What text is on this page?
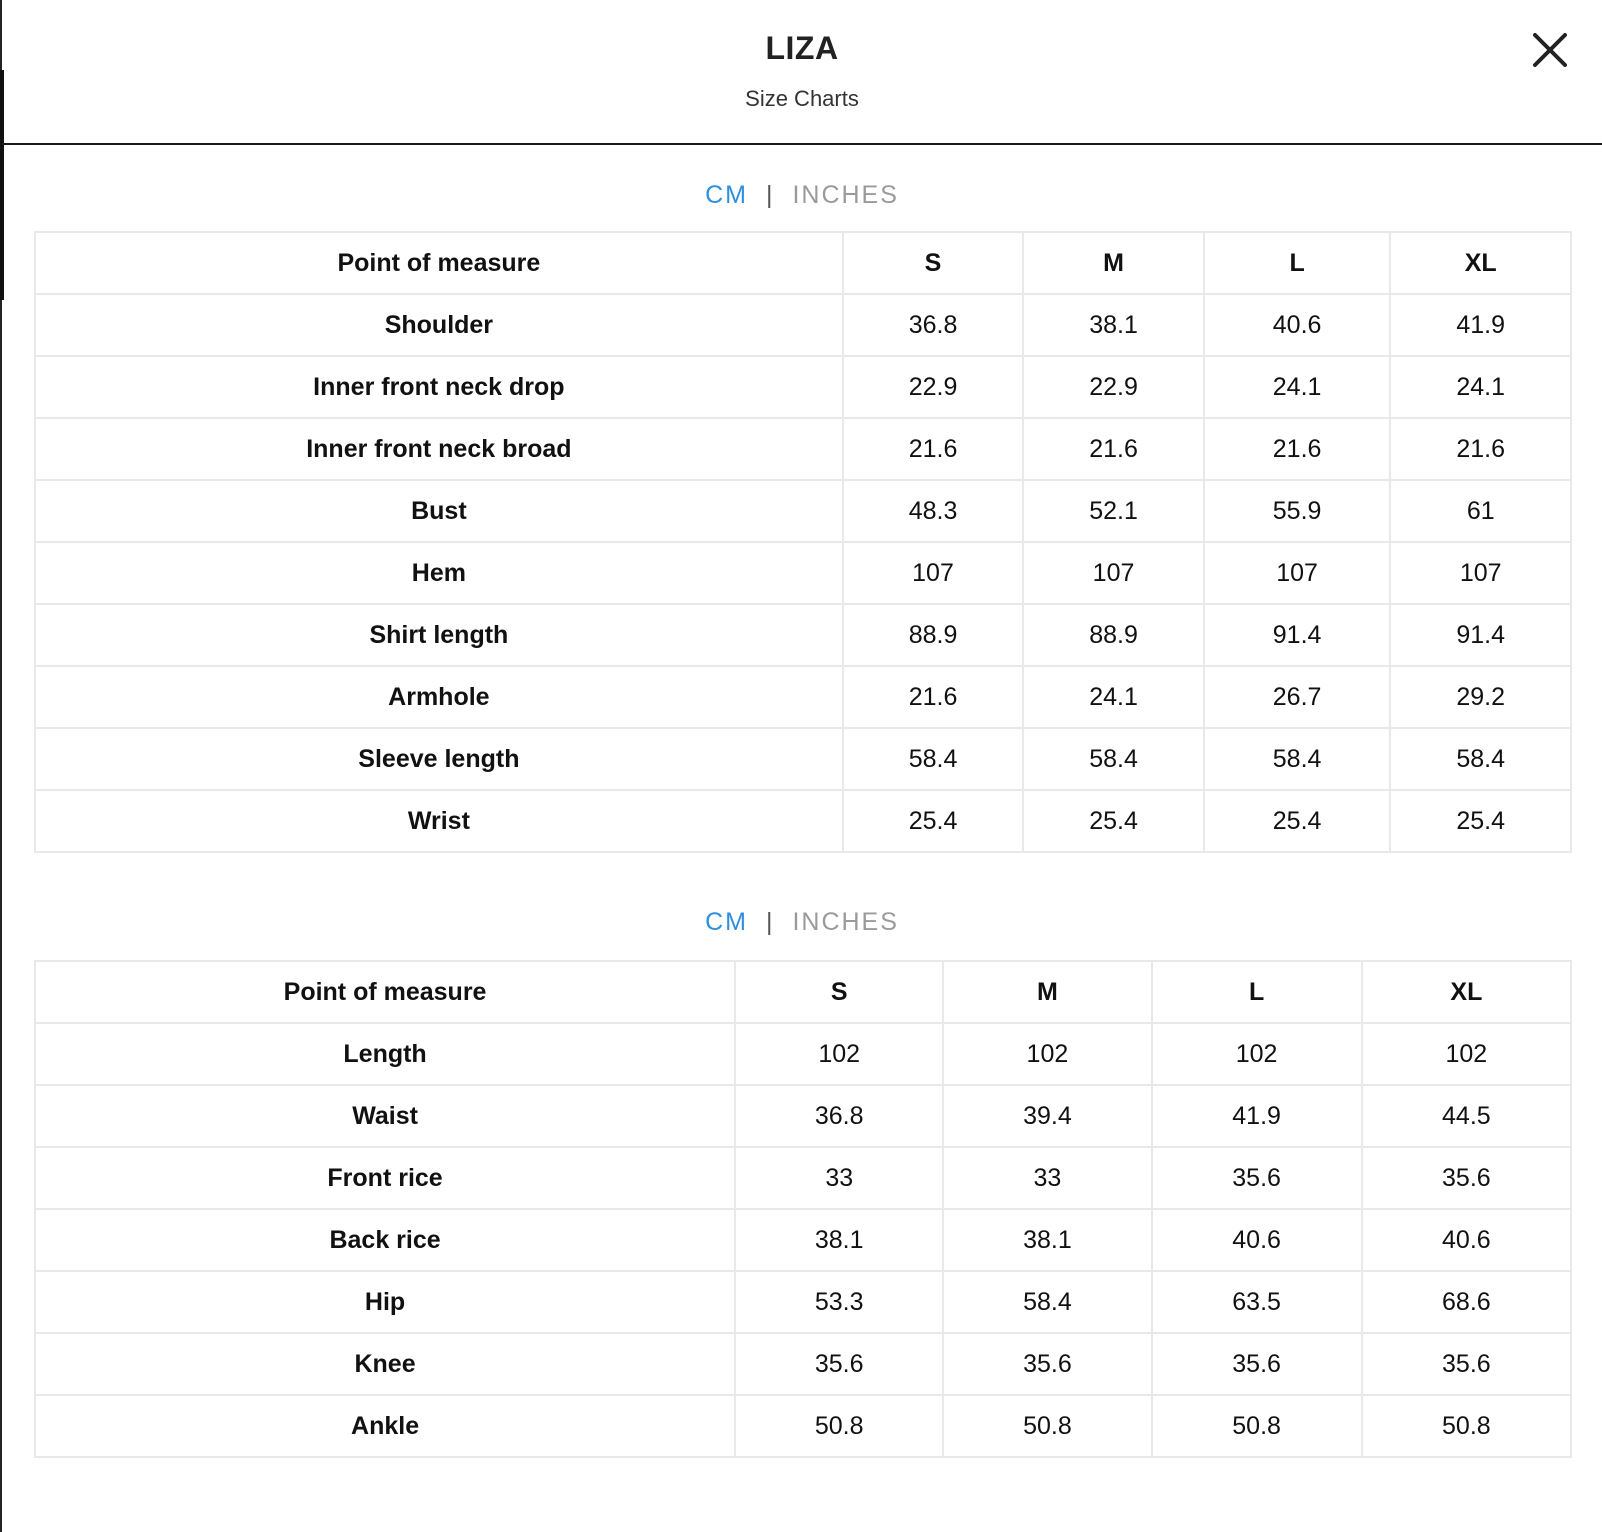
LIZA
Size Charts
CM | INCHES
Point of measure	S	M	L	XL
Shoulder	36.8	38.1	40.6	41.9
Inner front neck drop	22.9	22.9	24.1	24.1
Inner front neck broad	21.6	21.6	21.6	21.6
Bust	48.3	52.1	55.9	61
Hem	107	107	107	107
Shirt length	88.9	88.9	91.4	91.4
Armhole	21.6	24.1	26.7	29.2
Sleeve length	58.4	58.4	58.4	58.4
Wrist	25.4	25.4	25.4	25.4
CM | INCHES
Point of measure	S	M	L	XL
Length	102	102	102	102
Waist	36.8	39.4	41.9	44.5
Front rice	33	33	35.6	35.6
Back rice	38.1	38.1	40.6	40.6
Hip	53.3	58.4	63.5	68.6
Knee	35.6	35.6	35.6	35.6
Ankle	50.8	50.8	50.8	50.8
